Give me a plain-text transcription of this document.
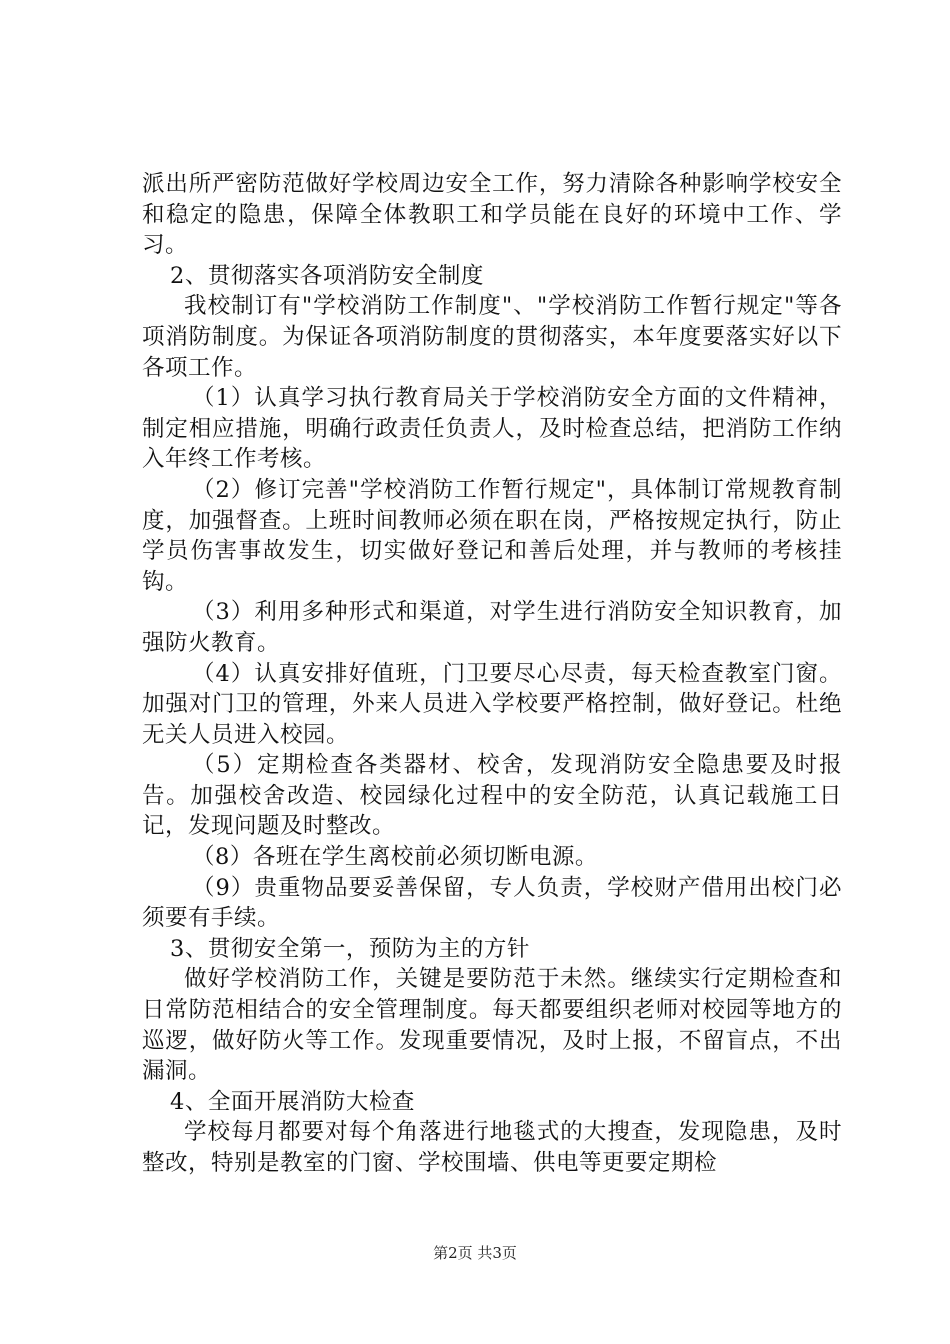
派出所严密防范做好学校周边安全工作，努力清除各种影响学校安全和稳定的隐患，保障全体教职工和学员能在良好的环境中工作、学习。

2、贯彻落实各项消防安全制度

我校制订有"学校消防工作制度"、"学校消防工作暂行规定"等各项消防制度。为保证各项消防制度的贯彻落实，本年度要落实好以下各项工作。

（1）认真学习执行教育局关于学校消防安全方面的文件精神，制定相应措施，明确行政责任负责人，及时检查总结，把消防工作纳入年终工作考核。

（2）修订完善"学校消防工作暂行规定"，具体制订常规教育制度，加强督查。上班时间教师必须在职在岗，严格按规定执行，防止学员伤害事故发生，切实做好登记和善后处理，并与教师的考核挂钩。

（3）利用多种形式和渠道，对学生进行消防安全知识教育，加强防火教育。

（4）认真安排好值班，门卫要尽心尽责，每天检查教室门窗。加强对门卫的管理，外来人员进入学校要严格控制，做好登记。杜绝无关人员进入校园。

（5）定期检查各类器材、校舍，发现消防安全隐患要及时报告。加强校舍改造、校园绿化过程中的安全防范，认真记载施工日记，发现问题及时整改。

（8）各班在学生离校前必须切断电源。

（9）贵重物品要妥善保留，专人负责，学校财产借用出校门必须要有手续。

3、贯彻安全第一，预防为主的方针

做好学校消防工作，关键是要防范于未然。继续实行定期检查和日常防范相结合的安全管理制度。每天都要组织老师对校园等地方的巡逻，做好防火等工作。发现重要情况，及时上报，不留盲点，不出漏洞。

4、全面开展消防大检查

学校每月都要对每个角落进行地毯式的大搜查，发现隐患，及时整改，特别是教室的门窗、学校围墙、供电等更要定期检

第2页 共3页
